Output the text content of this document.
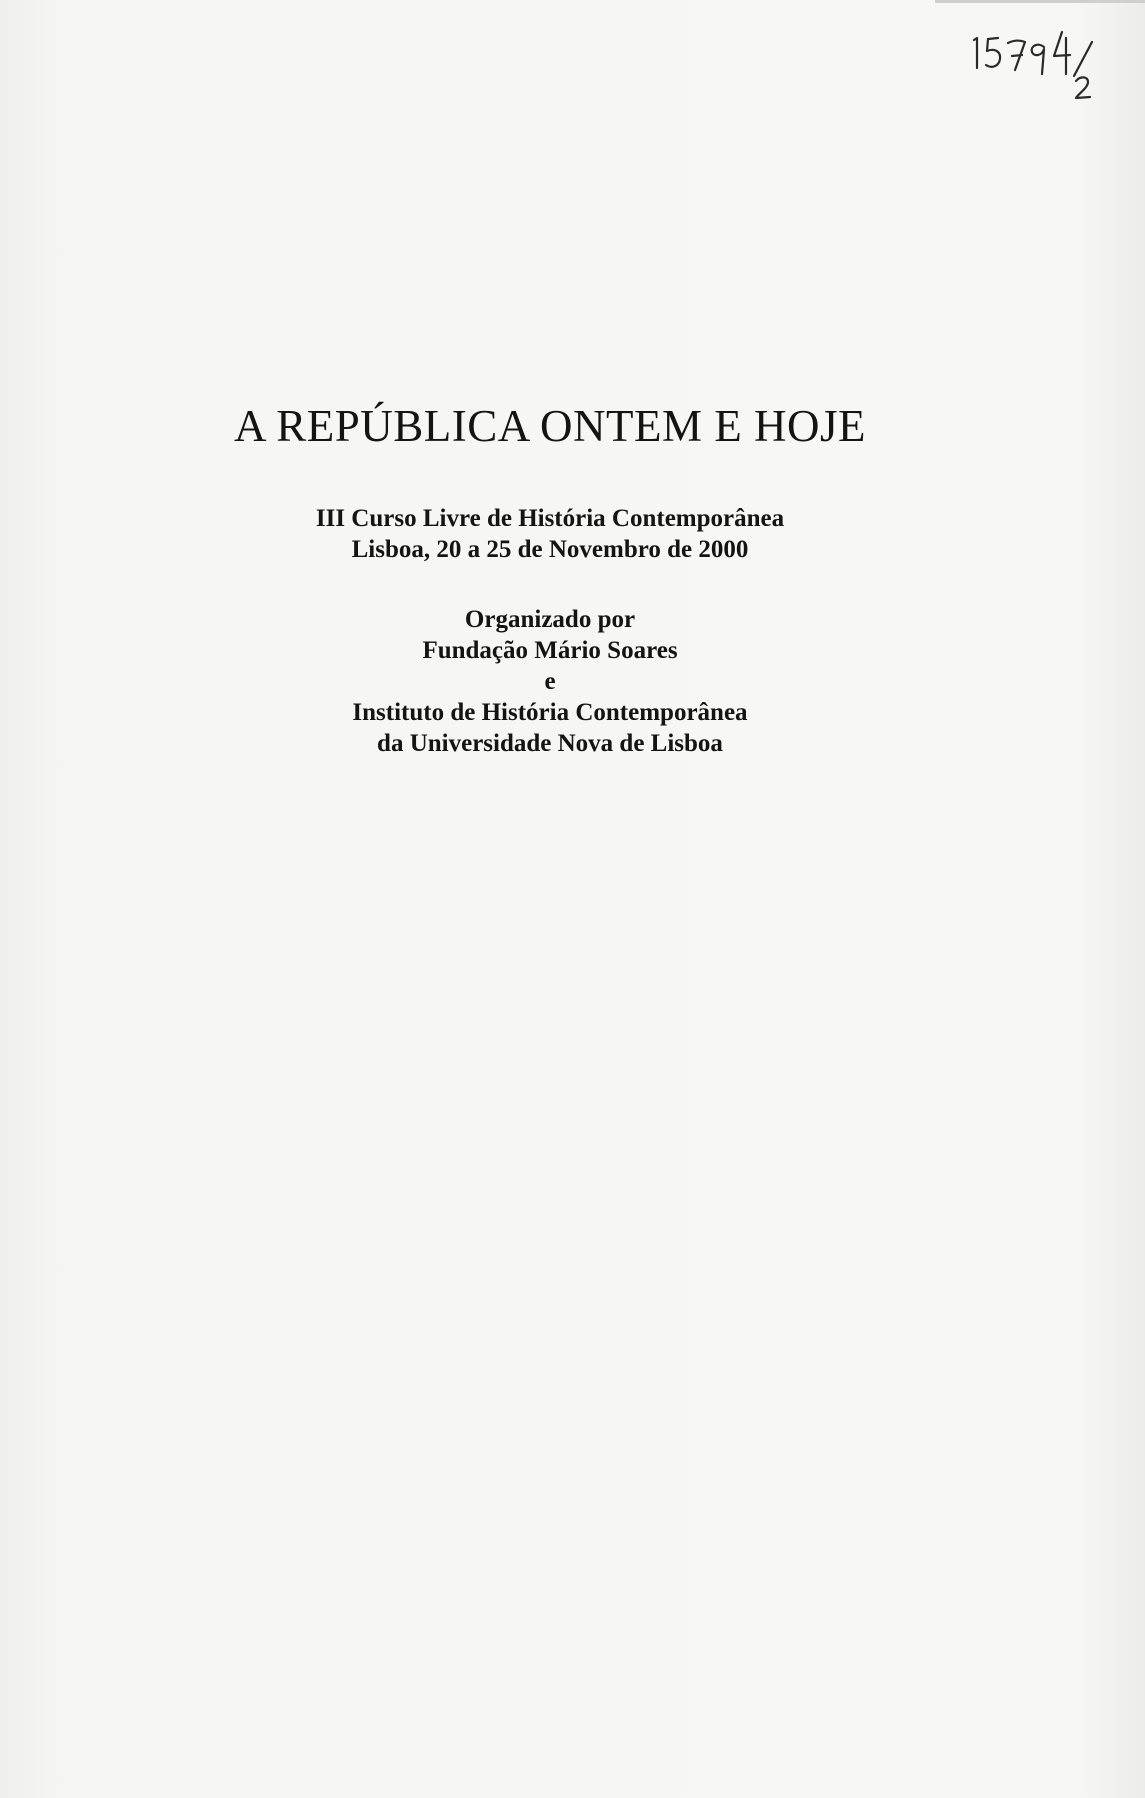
A REPÚBLICA ONTEM E HOJE
III Curso Livre de História Contemporânea
Lisboa, 20 a 25 de Novembro de 2000
Organizado por
Fundação Mário Soares
e
Instituto de História Contemporânea
da Universidade Nova de Lisboa
